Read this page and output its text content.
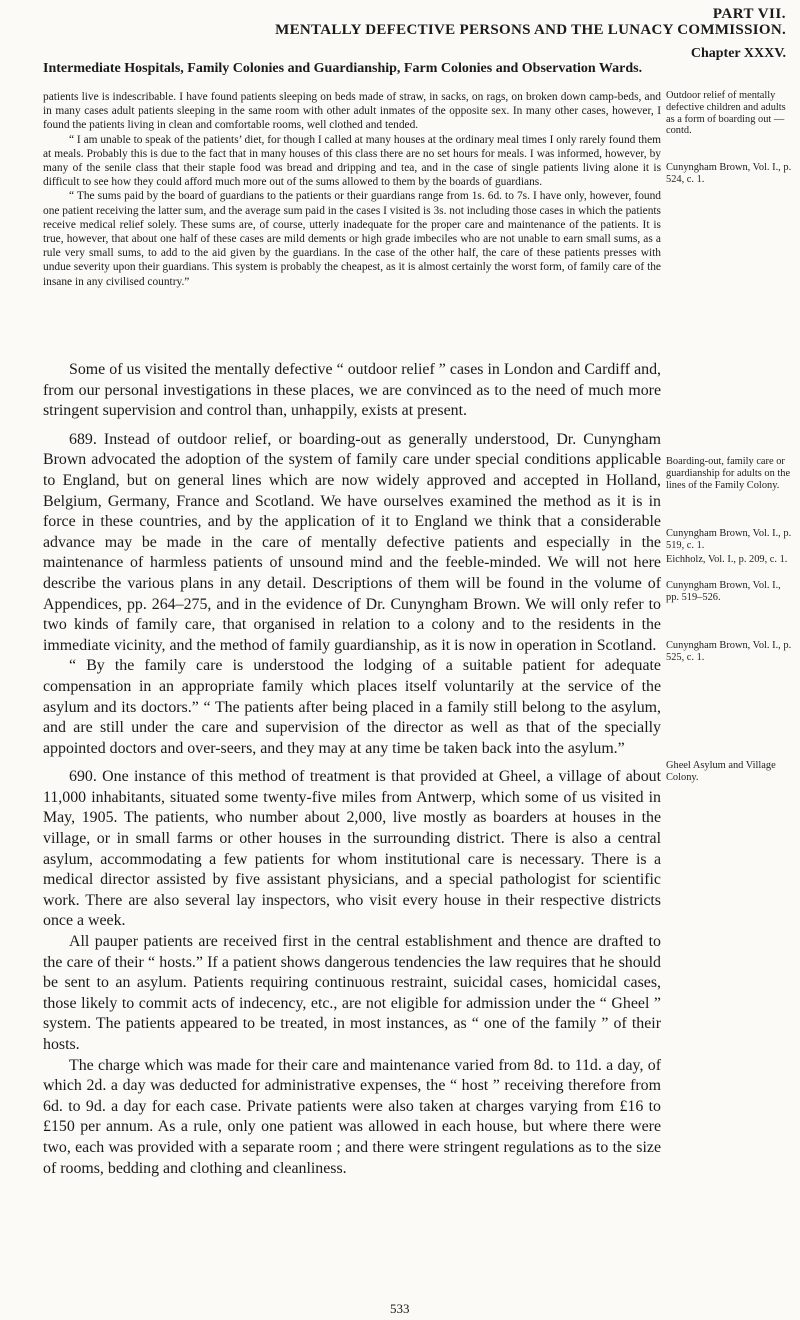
PART VII.
MENTALLY DEFECTIVE PERSONS AND THE LUNACY COMMISSION.
Chapter XXXV.
Intermediate Hospitals, Family Colonies and Guardianship, Farm Colonies and Observation Wards.

patients live is indescribable. I have found patients sleeping on beds made of straw, in sacks, on rags, on broken down camp-beds, and in many cases adult patients sleeping in the same room with other adult inmates of the opposite sex. In many other cases, however, I found the patients living in clean and comfortable rooms, well clothed and tended.

“ I am unable to speak of the patients’ diet, for though I called at many houses at the ordinary meal times I only rarely found them at meals. Probably this is due to the fact that in many houses of this class there are no set hours for meals. I was informed, however, by many of the senile class that their staple food was bread and dripping and tea, and in the case of single patients living alone it is difficult to see how they could afford much more out of the sums allowed to them by the boards of guardians.

“ The sums paid by the board of guardians to the patients or their guardians range from 1s. 6d. to 7s. I have only, however, found one patient receiving the latter sum, and the average sum paid in the cases I visited is 3s. not including those cases in which the patients receive medical relief solely. These sums are, of course, utterly inadequate for the proper care and maintenance of the patients. It is true, however, that about one half of these cases are mild dements or high grade imbeciles who are not unable to earn small sums, as a rule very small sums, to add to the aid given by the guardians. In the case of the other half, the care of these patients presses with undue severity upon their guardians. This system is probably the cheapest, as it is almost certainly the worst form, of family care of the insane in any civilised country.”

Some of us visited the mentally defective “ outdoor relief ” cases in London and Cardiff and, from our personal investigations in these places, we are convinced as to the need of much more stringent supervision and control than, unhappily, exists at present.

689. Instead of outdoor relief, or boarding-out as generally understood, Dr. Cunyngham Brown advocated the adoption of the system of family care under special conditions applicable to England, but on general lines which are now widely approved and accepted in Holland, Belgium, Germany, France and Scotland. We have ourselves examined the method as it is in force in these countries, and by the application of it to England we think that a considerable advance may be made in the care of mentally defective patients and especially in the maintenance of harmless patients of unsound mind and the feeble-minded. We will not here describe the various plans in any detail. Descriptions of them will be found in the volume of Appendices, pp. 264–275, and in the evidence of Dr. Cunyngham Brown. We will only refer to two kinds of family care, that organised in relation to a colony and to the residents in the immediate vicinity, and the method of family guardianship, as it is now in operation in Scotland.

“ By the family care is understood the lodging of a suitable patient for adequate compensation in an appropriate family which places itself voluntarily at the service of the asylum and its doctors.” “ The patients after being placed in a family still belong to the asylum, and are still under the care and supervision of the director as well as that of the specially appointed doctors and over-seers, and they may at any time be taken back into the asylum.”

690. One instance of this method of treatment is that provided at Gheel, a village of about 11,000 inhabitants, situated some twenty-five miles from Antwerp, which some of us visited in May, 1905. The patients, who number about 2,000, live mostly as boarders at houses in the village, or in small farms or other houses in the surrounding district. There is also a central asylum, accommodating a few patients for whom institutional care is necessary. There is a medical director assisted by five assistant physicians, and a special pathologist for scientific work. There are also several lay inspectors, who visit every house in their respective districts once a week.

All pauper patients are received first in the central establishment and thence are drafted to the care of their “ hosts.” If a patient shows dangerous tendencies the law requires that he should be sent to an asylum. Patients requiring continuous restraint, suicidal cases, homicidal cases, those likely to commit acts of indecency, etc., are not eligible for admission under the “ Gheel ” system. The patients appeared to be treated, in most instances, as “ one of the family ” of their hosts.

The charge which was made for their care and maintenance varied from 8d. to 11d. a day, of which 2d. a day was deducted for administrative expenses, the “ host ” receiving therefore from 6d. to 9d. a day for each case. Private patients were also taken at charges varying from £16 to £150 per annum. As a rule, only one patient was allowed in each house, but where there were two, each was provided with a separate room ; and there were stringent regulations as to the size of rooms, bedding and clothing and cleanliness.

Outdoor relief of mentally defective children and adults as a form of boarding out — contd.
Cunyngham Brown, Vol. I., p. 524, c. 1.
Boarding-out, family care or guardianship for adults on the lines of the Family Colony.
Cunyngham Brown, Vol. I., p. 519, c. 1.
Eichholz, Vol. I., p. 209, c. 1.
Cunyngham Brown, Vol. I., pp. 519–526.
Cunyngham Brown, Vol. I., p. 525, c. 1.
Gheel Asylum and Village Colony.
533
